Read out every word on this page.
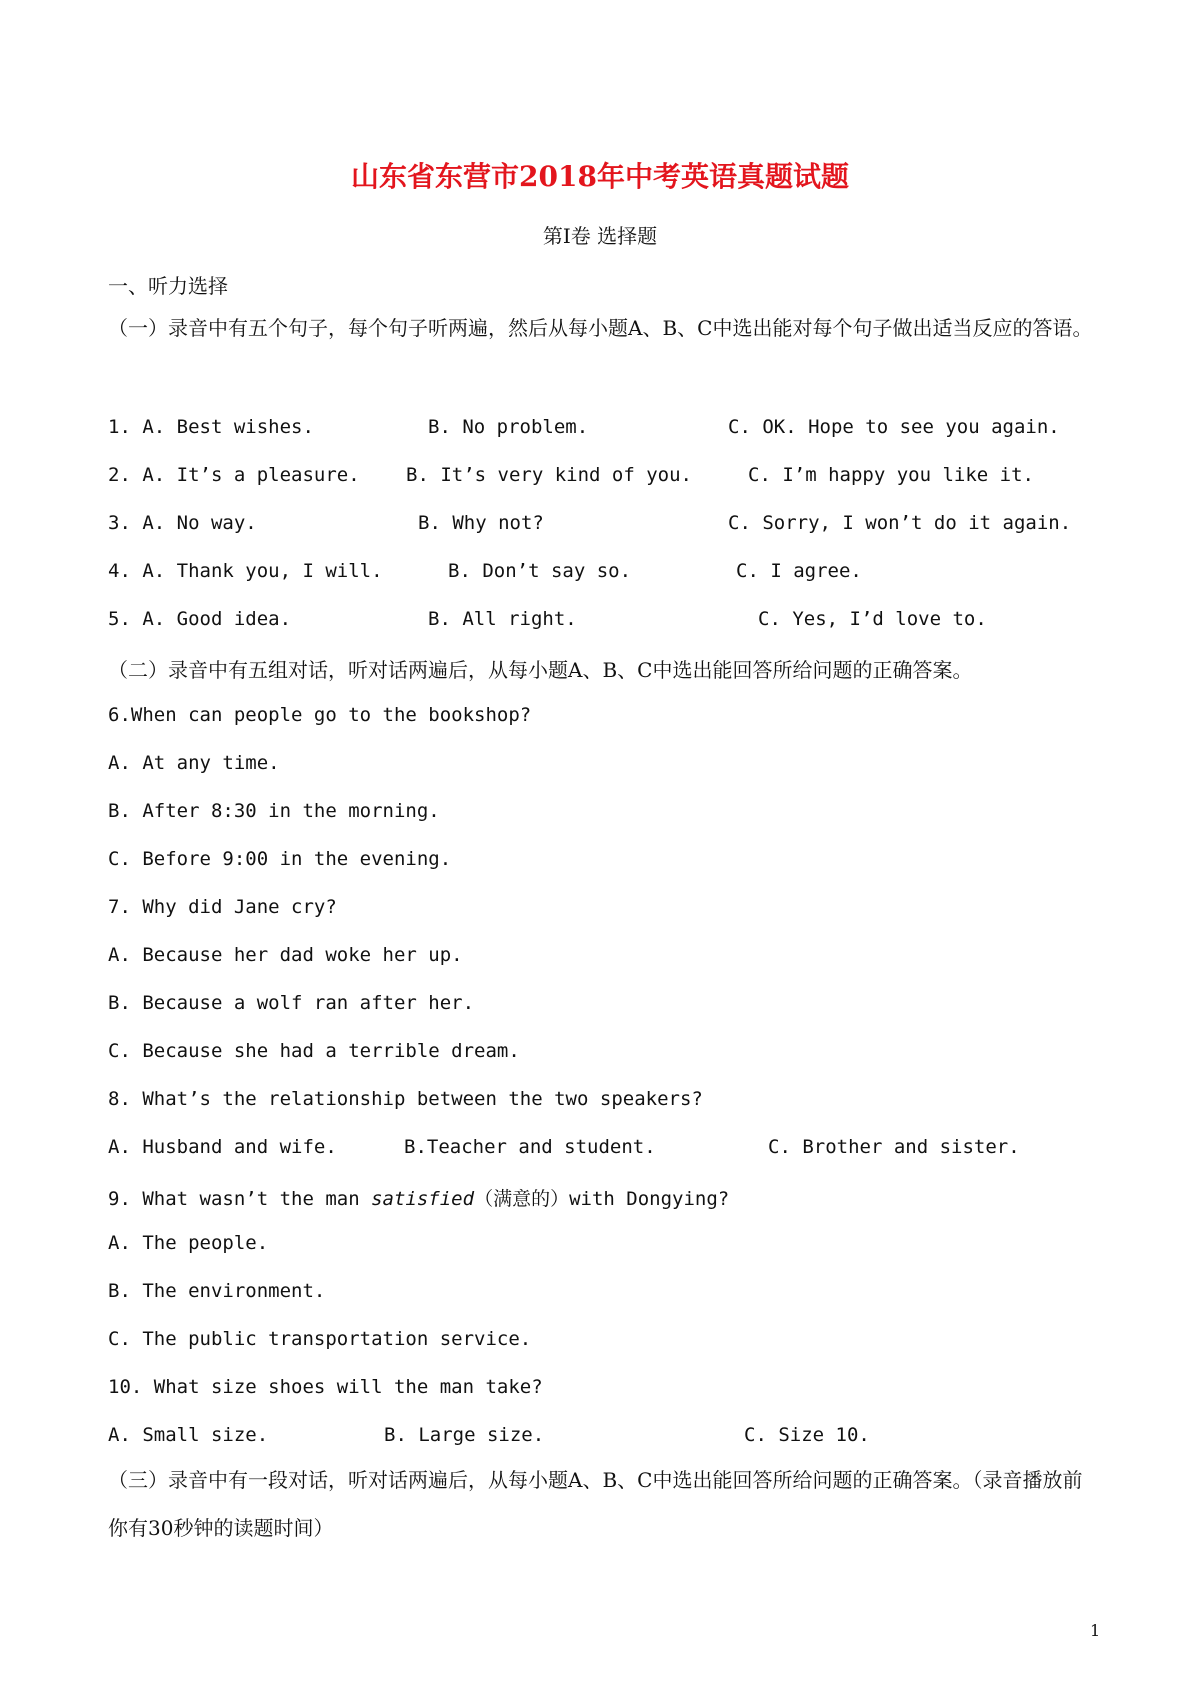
山东省东营市2018年中考英语真题试题
第Ⅰ卷 选择题
一、听力选择
（一）录音中有五个句子，每个句子听两遍，然后从每小题A、B、C中选出能对每个句子做出适当反应的答语。
1. A. Best wishes.	B. No problem.	C. OK. Hope to see you again.
2. A. It’s a pleasure. B. It’s very kind of you.	C. I’m happy you like it.
3. A. No way.	B. Why not?	C. Sorry, I won’t do it again.
4. A. Thank you, I will.	B. Don’t say so.	C. I agree.
5. A. Good idea.	B. All right.	C. Yes, I’d love to.
（二）录音中有五组对话，听对话两遍后，从每小题A、B、C中选出能回答所给问题的正确答案。
6.When can people go to the bookshop?
A. At any time.
B. After 8:30 in the morning.
C. Before 9:00 in the evening.
7. Why did Jane cry?
A. Because her dad woke her up.
B. Because a wolf ran after her.
C. Because she had a terrible dream.
8. What’s the relationship between the two speakers?
A. Husband and wife.	B.Teacher and student.	C. Brother and sister.
9. What wasn’t the man satisfied（满意的）with Dongying?
A. The people.
B. The environment.
C. The public transportation service.
10. What size shoes will the man take?
A. Small size.	B. Large size.	C. Size 10.
（三）录音中有一段对话，听对话两遍后，从每小题A、B、C中选出能回答所给问题的正确答案。（录音播放前你有30秒钟的读题时间）
1
